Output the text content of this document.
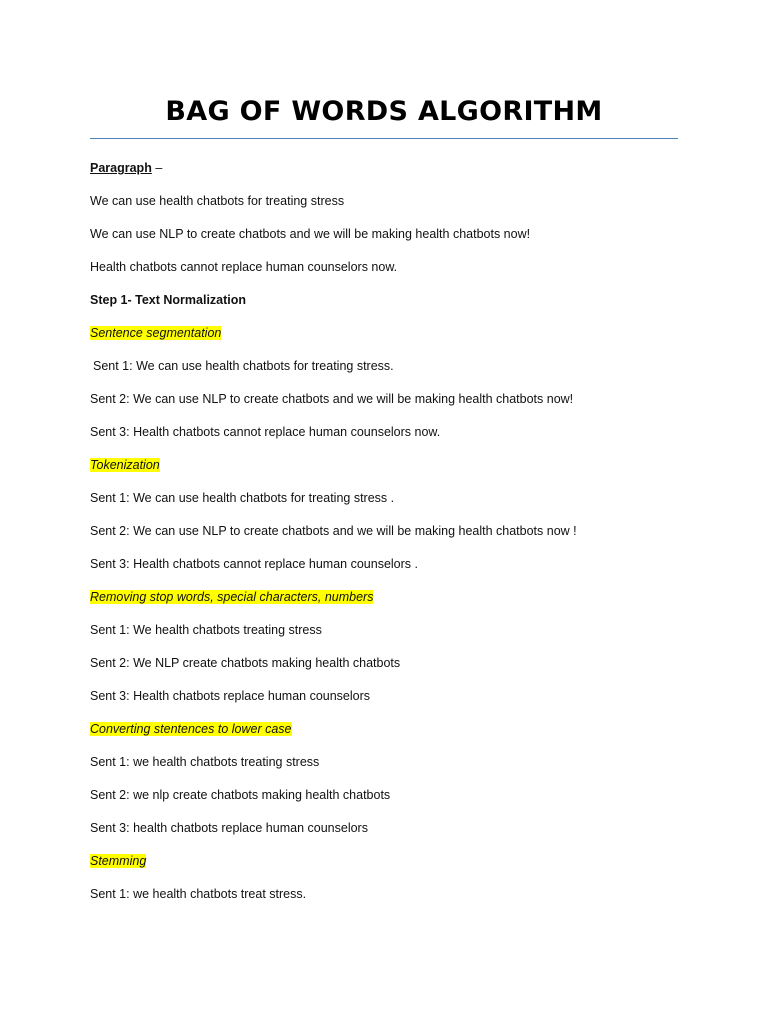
BAG OF WORDS ALGORITHM

Paragraph –

We can use health chatbots for treating stress

We can use NLP to create chatbots and we will be making health chatbots now!

Health chatbots cannot replace human counselors now.

Step 1- Text Normalization

Sentence segmentation

Sent 1: We can use health chatbots for treating stress.

Sent 2: We can use NLP to create chatbots and we will be making health chatbots now!

Sent 3: Health chatbots cannot replace human counselors now.

Tokenization

Sent 1: We can use health chatbots for treating stress .

Sent 2: We can use NLP to create chatbots and we will be making health chatbots now !

Sent 3: Health chatbots cannot replace human counselors .

Removing stop words, special characters, numbers

Sent 1: We health chatbots treating stress

Sent 2: We NLP create chatbots making health chatbots

Sent 3: Health chatbots replace human counselors

Converting stentences to lower case

Sent 1: we health chatbots treating stress

Sent 2: we nlp create chatbots making health chatbots

Sent 3: health chatbots replace human counselors

Stemming

Sent 1: we health chatbots treat stress.
